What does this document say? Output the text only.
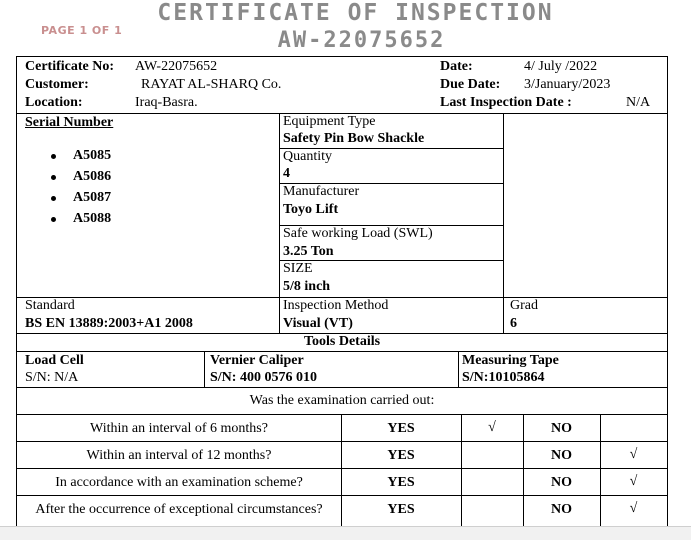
PAGE 1 OF 1
CERTIFICATE OF INSPECTION
AW-22075652
Certificate No: AW-22075652
Customer:	RAYAT AL-SHARQ Co.
Location:	Iraq-Basra.
Date:	4/ July /2022
Due Date: 3/January/2023
Last Inspection Date :	N/A
Serial Number
A5085
A5086
A5087
A5088
Equipment Type
Safety Pin Bow Shackle
Quantity
4
Manufacturer
Toyo Lift
Safe working Load (SWL)
3.25 Ton
SIZE
5/8 inch
Standard
BS EN 13889:2003+A1 2008
Inspection Method
Visual (VT)
Grad
6
Tools Details
Load Cell
S/N: N/A
Vernier Caliper
S/N: 400 0576 010
Measuring Tape
S/N:10105864
Was the examination carried out:
Within an interval of 6 months?	YES	√	NO
Within an interval of 12 months?	YES	NO	√
In accordance with an examination scheme?	YES	NO	√
After the occurrence of exceptional circumstances?	YES	NO	√
